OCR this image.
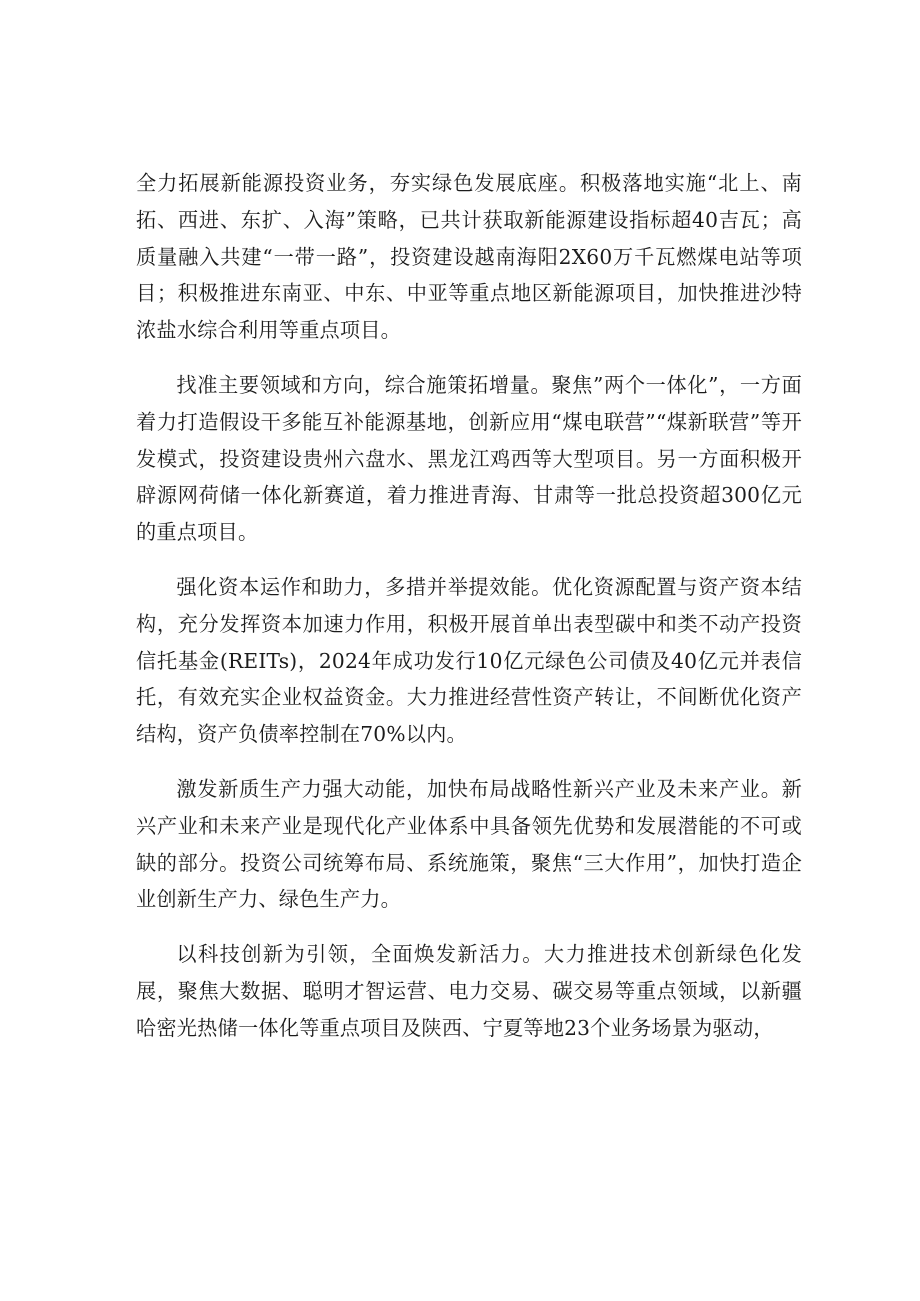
全力拓展新能源投资业务，夯实绿色发展底座。积极落地实施“北上、南拓、西进、东扩、入海”策略，已共计获取新能源建设指标超40吉瓦；高质量融入共建“一带一路”，投资建设越南海阳2X60万千瓦燃煤电站等项目；积极推进东南亚、中东、中亚等重点地区新能源项目，加快推进沙特浓盐水综合利用等重点项目。

找准主要领域和方向，综合施策拓增量。聚焦”两个一体化”，一方面着力打造假设干多能互补能源基地，创新应用“煤电联营”“煤新联营”等开发模式，投资建设贵州六盘水、黑龙江鸡西等大型项目。另一方面积极开辟源网荷储一体化新赛道，着力推进青海、甘肃等一批总投资超300亿元的重点项目。

强化资本运作和助力，多措并举提效能。优化资源配置与资产资本结构，充分发挥资本加速力作用，积极开展首单出表型碳中和类不动产投资信托基金(REITs)，2024年成功发行10亿元绿色公司债及40亿元并表信托，有效充实企业权益资金。大力推进经营性资产转让，不间断优化资产结构，资产负债率控制在70%以内。

激发新质生产力强大动能，加快布局战略性新兴产业及未来产业。新兴产业和未来产业是现代化产业体系中具备领先优势和发展潜能的不可或缺的部分。投资公司统筹布局、系统施策，聚焦“三大作用”，加快打造企业创新生产力、绿色生产力。

以科技创新为引领，全面焕发新活力。大力推进技术创新绿色化发展，聚焦大数据、聪明才智运营、电力交易、碳交易等重点领域，以新疆哈密光热储一体化等重点项目及陕西、宁夏等地23个业务场景为驱动，
